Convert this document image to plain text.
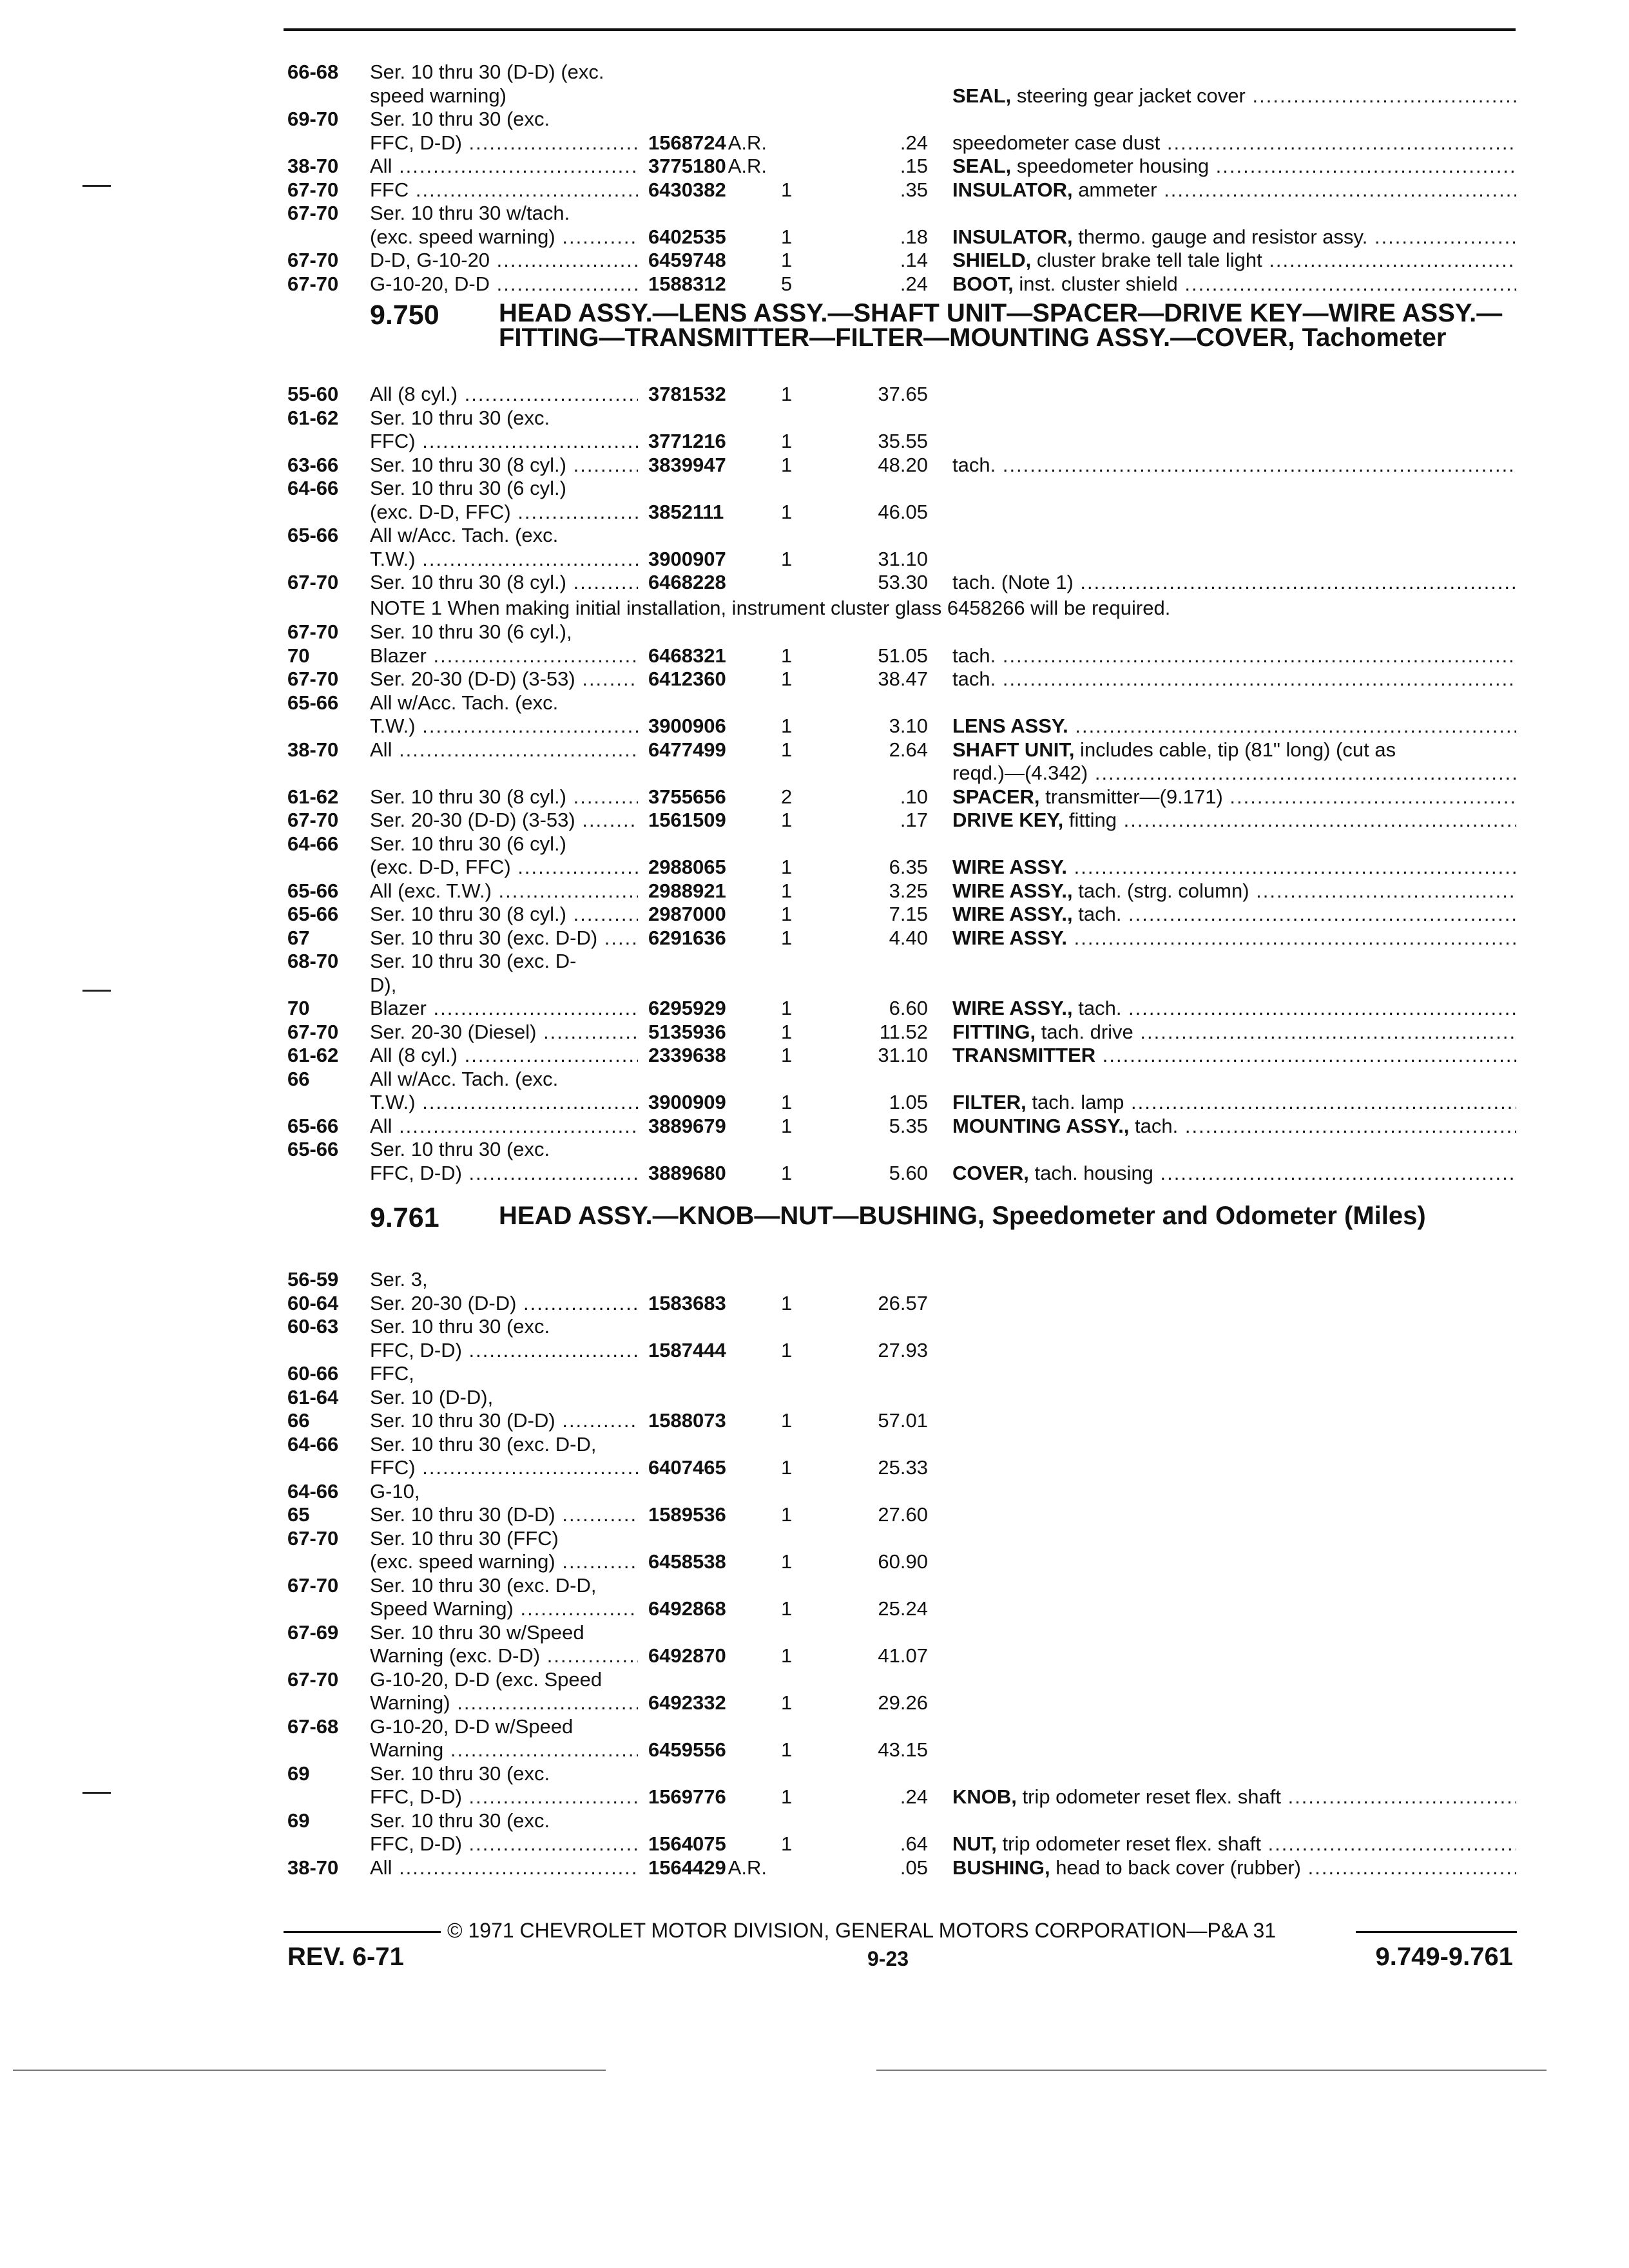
66-68 Ser. 10 thru 30 (D-D) (exc.
speed warning)	SEAL, steering gear jacket cover .....
69-70 Ser. 10 thru 30 (exc.
FFC, D-D) .....	1568724A.R.	.24 speedometer case dust .....
38-70 All .....	3775180A.R.	.15 SEAL, speedometer housing .....
67-70 FFC .....	6430382	1	.35 INSULATOR, ammeter .....
67-70 Ser. 10 thru 30 w/tach.
(exc. speed warning) .....	6402535	1	.18 INSULATOR, thermo. gauge and resistor assy. .....
67-70 D-D, G-10-20 .....	6459748	1	.14 SHIELD, cluster brake tell tale light .....
67-70 G-10-20, D-D .....	1588312	5	.24 BOOT, inst. cluster shield .....
55-60 All (8 cyl.) .....	3781532	1	37.65
61-62 Ser. 10 thru 30 (exc.
FFC) .....	3771216	1	35.55
63-66 Ser. 10 thru 30 (8 cyl.) .....	3839947	1	48.20 tach. .....
64-66 Ser. 10 thru 30 (6 cyl.)
(exc. D-D, FFC) .....	3852111	1	46.05
65-66 All w/Acc. Tach. (exc.
T.W.) .....	3900907	1	31.10
67-70 Ser. 10 thru 30 (8 cyl.) .....	6468228	53.30 tach. (Note 1) .....
67-70 Ser. 10 thru 30 (6 cyl.),
70	Blazer .....	6468321	1	51.05 tach. .....
67-70 Ser. 20-30 (D-D) (3-53) .....	6412360	1	38.47 tach. .....
65-66 All w/Acc. Tach. (exc.
T.W.) .....	3900906	1	3.10 LENS ASSY. .....
38-70 All .....	6477499	1	2.64 SHAFT UNIT, includes cable, tip (81" long) (cut as
reqd.)—(4.342) .....
61-62 Ser. 10 thru 30 (8 cyl.) .....	3755656	2	.10 SPACER, transmitter—(9.171) .....
67-70 Ser. 20-30 (D-D) (3-53) .....	1561509	1	.17 DRIVE KEY, fitting .....
64-66 Ser. 10 thru 30 (6 cyl.)
(exc. D-D, FFC) .....	2988065	1	6.35 WIRE ASSY. .....
65-66 All (exc. T.W.) .....	2988921	1	3.25 WIRE ASSY., tach. (strg. column) .....
65-66 Ser. 10 thru 30 (8 cyl.) .....	2987000	1	7.15 WIRE ASSY., tach. .....
67	Ser. 10 thru 30 (exc. D-D) .....	6291636	1	4.40 WIRE ASSY. .....
68-70 Ser. 10 thru 30 (exc. D-
D),
70	Blazer .....	6295929	1	6.60 WIRE ASSY., tach. .....
67-70 Ser. 20-30 (Diesel) .....	5135936	1	11.52 FITTING, tach. drive .....
61-62 All (8 cyl.) .....	2339638	1	31.10 TRANSMITTER .....
66	All w/Acc. Tach. (exc.
T.W.) .....	3900909	1	1.05 FILTER, tach. lamp .....
65-66 All .....	3889679	1	5.35 MOUNTING ASSY., tach. .....
65-66 Ser. 10 thru 30 (exc.
FFC, D-D) .....	3889680	1	5.60 COVER, tach. housing .....
56-59 Ser. 3,
60-64 Ser. 20-30 (D-D) .....	1583683	1	26.57
60-63 Ser. 10 thru 30 (exc.
FFC, D-D) .....	1587444	1	27.93
60-66 FFC,
61-64 Ser. 10 (D-D),
66	Ser. 10 thru 30 (D-D) .....	1588073	1	57.01
64-66 Ser. 10 thru 30 (exc. D-D,
FFC) .....	6407465	1	25.33
64-66 G-10,
65	Ser. 10 thru 30 (D-D) .....	1589536	1	27.60
67-70 Ser. 10 thru 30 (FFC)
(exc. speed warning) .....	6458538	1	60.90
67-70 Ser. 10 thru 30 (exc. D-D,
Speed Warning) .....	6492868	1	25.24
67-69 Ser. 10 thru 30 w/Speed
Warning (exc. D-D) .....	6492870	1	41.07
67-70 G-10-20, D-D (exc. Speed
Warning) .....	6492332	1	29.26
67-68 G-10-20, D-D w/Speed
Warning .....	6459556	1	43.15
69	Ser. 10 thru 30 (exc.
FFC, D-D) .....	1569776	1	.24 KNOB, trip odometer reset flex. shaft .....
69	Ser. 10 thru 30 (exc.
FFC, D-D) .....	1564075	1	.64 NUT, trip odometer reset flex. shaft .....
38-70 All .....	1564429A.R.	.05 BUSHING, head to back cover (rubber) .....
9.750 HEAD ASSY.—LENS ASSY.—SHAFT UNIT—SPACER—DRIVE KEY—WIRE ASSY.—FITTING—TRANSMITTER—FILTER—MOUNTING ASSY.—COVER, Tachometer
NOTE 1 When making initial installation, instrument cluster glass 6458266 will be required.
9.761 HEAD ASSY.—KNOB—NUT—BUSHING, Speedometer and Odometer (Miles)
© 1971 CHEVROLET MOTOR DIVISION, GENERAL MOTORS CORPORATION—P&A 31
REV. 6-71	9-23	9.749-9.761
